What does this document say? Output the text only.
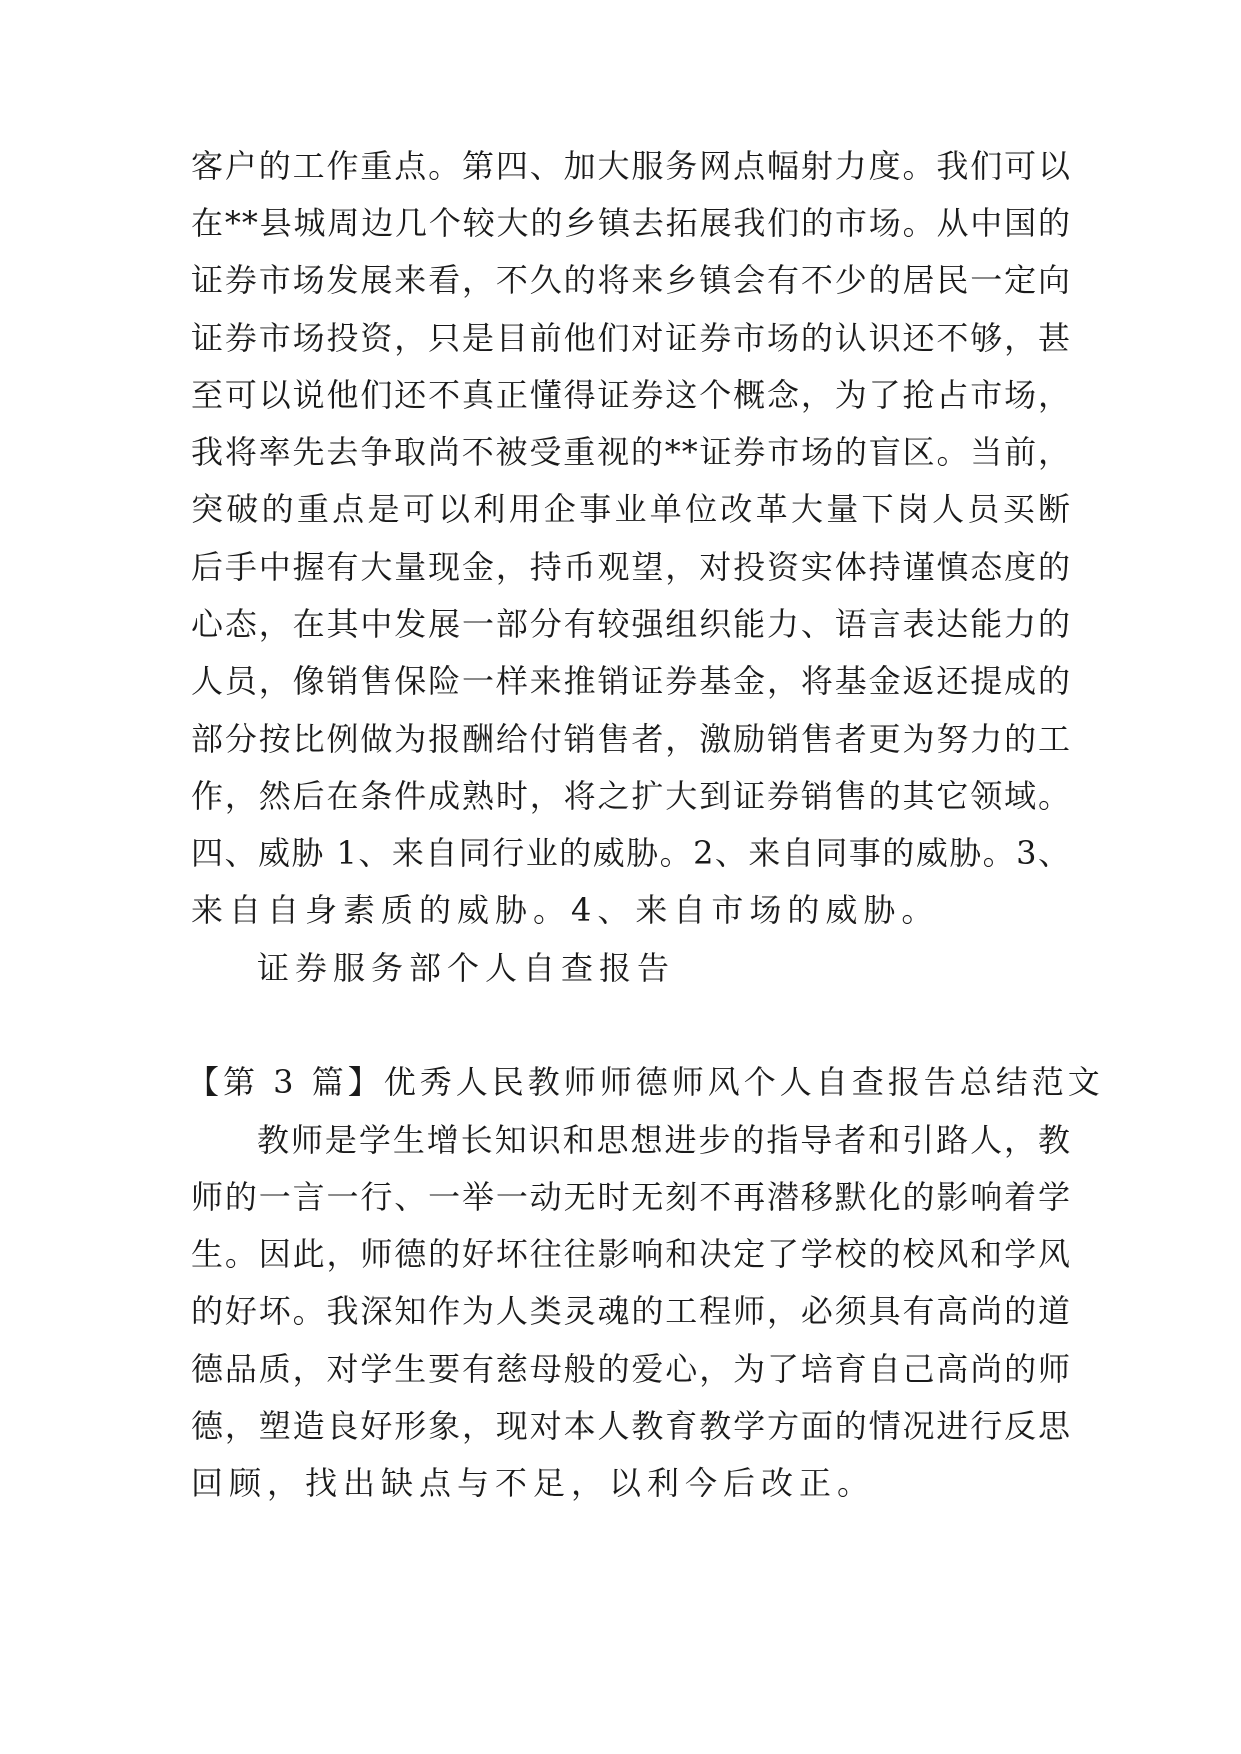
客户的工作重点。第四、加大服务网点幅射力度。我们可以
在**县城周边几个较大的乡镇去拓展我们的市场。从中国的
证券市场发展来看，不久的将来乡镇会有不少的居民一定向
证券市场投资，只是目前他们对证券市场的认识还不够，甚
至可以说他们还不真正懂得证券这个概念，为了抢占市场，
我将率先去争取尚不被受重视的**证券市场的盲区。当前，
突破的重点是可以利用企事业单位改革大量下岗人员买断
后手中握有大量现金，持币观望，对投资实体持谨慎态度的
心态，在其中发展一部分有较强组织能力、语言表达能力的
人员，像销售保险一样来推销证券基金，将基金返还提成的
部分按比例做为报酬给付销售者，激励销售者更为努力的工
作，然后在条件成熟时，将之扩大到证券销售的其它领域。
四、威胁 1、来自同行业的威胁。2、来自同事的威胁。3、
来自自身素质的威胁。4、来自市场的威胁。
证券服务部个人自查报告
【第 3 篇】优秀人民教师师德师风个人自查报告总结范文
教师是学生增长知识和思想进步的指导者和引路人，教
师的一言一行、一举一动无时无刻不再潜移默化的影响着学
生。因此，师德的好坏往往影响和决定了学校的校风和学风
的好坏。我深知作为人类灵魂的工程师，必须具有高尚的道
德品质，对学生要有慈母般的爱心，为了培育自己高尚的师
德，塑造良好形象，现对本人教育教学方面的情况进行反思
回顾，找出缺点与不足，以利今后改正。
